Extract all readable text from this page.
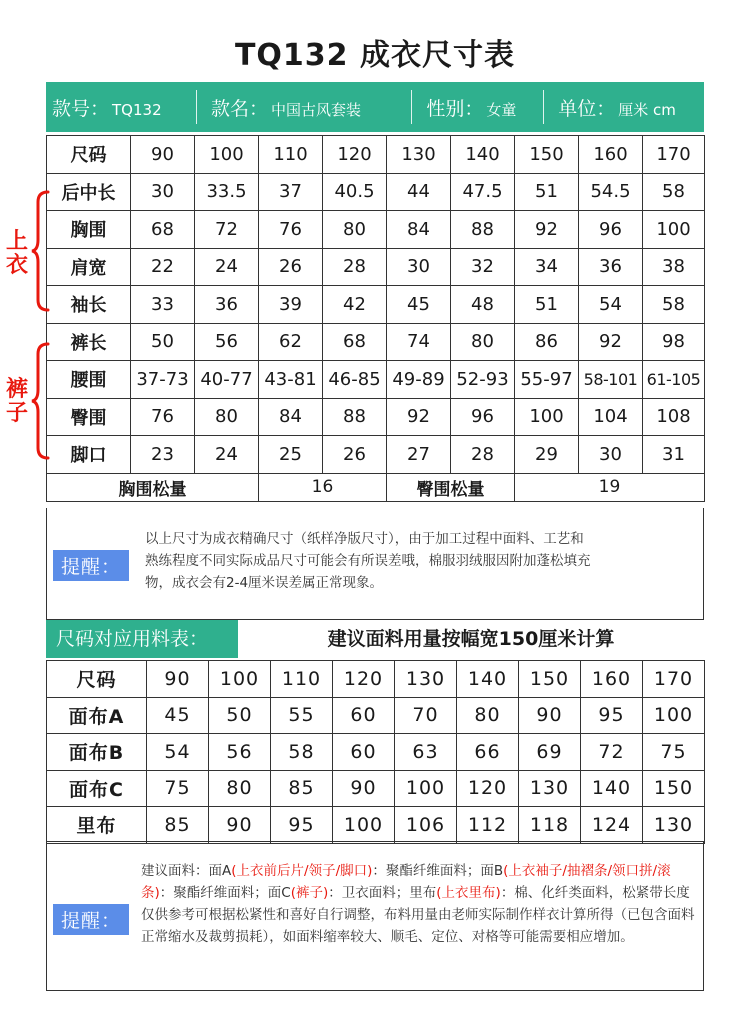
TQ132 成衣尺寸表
款号： TQ132	款名： 中国古风套装	性别： 女童 单位： 厘米 cm
尺码	90	100	110	120	130	140	150	160	170
后中长	30	33.5	37	40.5	44	47.5	51	54.5	58
胸围	68	72	76	80	84	88	92	96	100
肩宽	22	24	26	28	30	32	34	36	38
袖长	33	36	39	42	45	48	51	54	58
裤长	50	56	62	68	74	80	86	92	98
腰围	37-73	40-77	43-81	46-85	49-89	52-93	55-97	58-101	61-105
臀围	76	80	84	88	92	96	100	104	108
脚口	23	24	25	26	27	28	29	30	31
胸围松量			16		臀围松量		19		
上
衣
裤
子
提醒：
以上尺寸为成衣精确尺寸（纸样净版尺寸），由于加工过程中面料、工艺和
熟练程度不同实际成品尺寸可能会有所误差哦，棉服羽绒服因附加蓬松填充
物，成衣会有2-4厘米误差属正常现象。
尺码对应用料表：	建议面料用量按幅宽150厘米计算
尺码	90	100	110	120	130	140	150	160	170
面布A	45	50	55	60	70	80	90	95	100
面布B	54	56	58	60	63	66	69	72	75
面布C	75	80	85	90	100	120	130	140	150
里布	85	90	95	100	106	112	118	124	130
提醒：
建议面料：面A(上衣前后片/领子/脚口)：聚酯纤维面料；面B(上衣袖子/抽褶条/领口拼/滚条)：聚酯纤维面料；面C(裤子)：卫衣面料；里布(上衣里布)：棉、化纤类面料，松紧带长度仅供参考可根据松紧性和喜好自行调整，布料用量由老师实际制作样衣计算所得（已包含面料正常缩水及裁剪损耗），如面料缩率较大、顺毛、定位、对格等可能需要相应增加。
